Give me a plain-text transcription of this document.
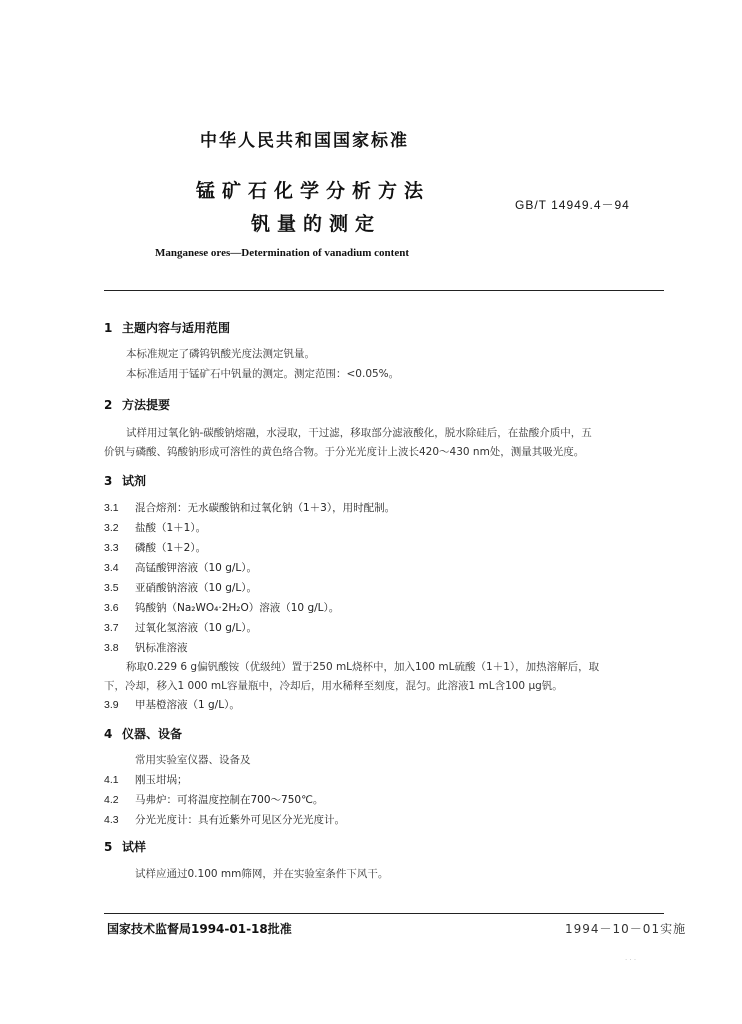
中华人民共和国国家标准
锰矿石化学分析方法
钒量的测定
GB/T 14949.4－94
Manganese ores—Determination of vanadium content
1 主题内容与适用范围
本标准规定了磷钨钒酸光度法测定钒量。
本标准适用于锰矿石中钒量的测定。测定范围：<0.05%。
2 方法提要
试样用过氧化钠-碳酸钠熔融，水浸取，干过滤，移取部分滤液酸化，脱水除硅后，在盐酸介质中，五
价钒与磷酸、钨酸钠形成可溶性的黄色络合物。于分光光度计上波长420～430 nm处，测量其吸光度。
3 试剂
3.1 混合熔剂：无水碳酸钠和过氧化钠（1＋3），用时配制。
3.2 盐酸（1＋1）。
3.3 磷酸（1＋2）。
3.4 高锰酸钾溶液（10 g/L）。
3.5 亚硝酸钠溶液（10 g/L）。
3.6 钨酸钠（Na₂WO₄·2H₂O）溶液（10 g/L）。
3.7 过氧化氢溶液（10 g/L）。
3.8 钒标准溶液
称取0.229 6 g偏钒酸铵（优级纯）置于250 mL烧杯中，加入100 mL硫酸（1＋1），加热溶解后，取
下，冷却，移入1 000 mL容量瓶中，冷却后，用水稀释至刻度，混匀。此溶液1 mL含100 μg钒。
3.9 甲基橙溶液（1 g/L）。
4 仪器、设备
常用实验室仪器、设备及
4.1 刚玉坩埚；
4.2 马弗炉：可将温度控制在700～750℃。
4.3 分光光度计：具有近紫外可见区分光光度计。
5 试样
试样应通过0.100 mm筛网，并在实验室条件下风干。
国家技术监督局1994-01-18批准	1994－10－01实施
· · ·
